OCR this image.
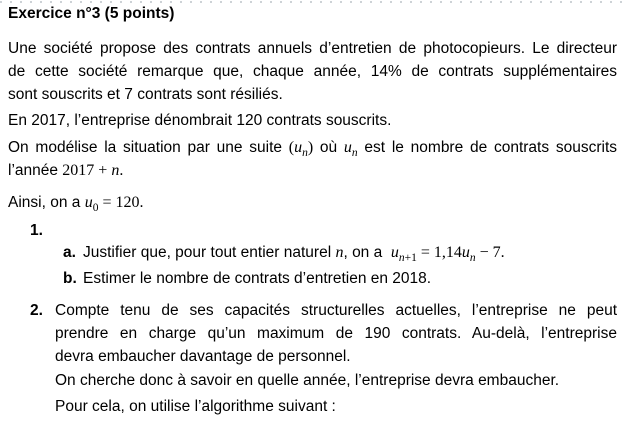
Exercice n°3 (5 points)
Une société propose des contrats annuels d’entretien de photocopieurs. Le directeur
de cette société remarque que, chaque année, 14% de contrats supplémentaires
sont souscrits et 7 contrats sont résiliés.

En 2017, l’entreprise dénombrait 120 contrats souscrits.

On modélise la situation par une suite $(u_n)$ où $u_n$ est le nombre de contrats souscrits
l’année 2017 + n.

Ainsi, on a $u_0 = 120$.

1.
a. Justifier que, pour tout entier naturel n, on a  $u_{n+1} = 1,14u_n - 7$.
b. Estimer le nombre de contrats d’entretien en 2018.
2. Compte tenu de ses capacités structurelles actuelles, l’entreprise ne peut
prendre en charge qu’un maximum de 190 contrats. Au-delà, l’entreprise
devra embaucher davantage de personnel.

On cherche donc à savoir en quelle année, l’entreprise devra embaucher.

Pour cela, on utilise l’algorithme suivant :
